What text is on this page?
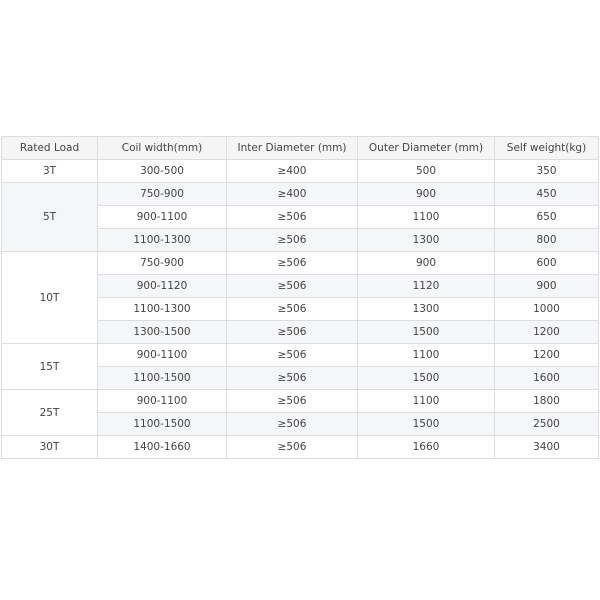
Rated Load	Coil width(mm)	Inter Diameter (mm)	Outer Diameter (mm)	Self weight(kg)
3T	300-500	≥400	500	350
5T	750-900	≥400	900	450
	900-1100	≥506	1100	650
	1100-1300	≥506	1300	800
10T	750-900	≥506	900	600
	900-1120	≥506	1120	900
	1100-1300	≥506	1300	1000
	1300-1500	≥506	1500	1200
15T	900-1100	≥506	1100	1200
	1100-1500	≥506	1500	1600
25T	900-1100	≥506	1100	1800
	1100-1500	≥506	1500	2500
30T	1400-1660	≥506	1660	3400
